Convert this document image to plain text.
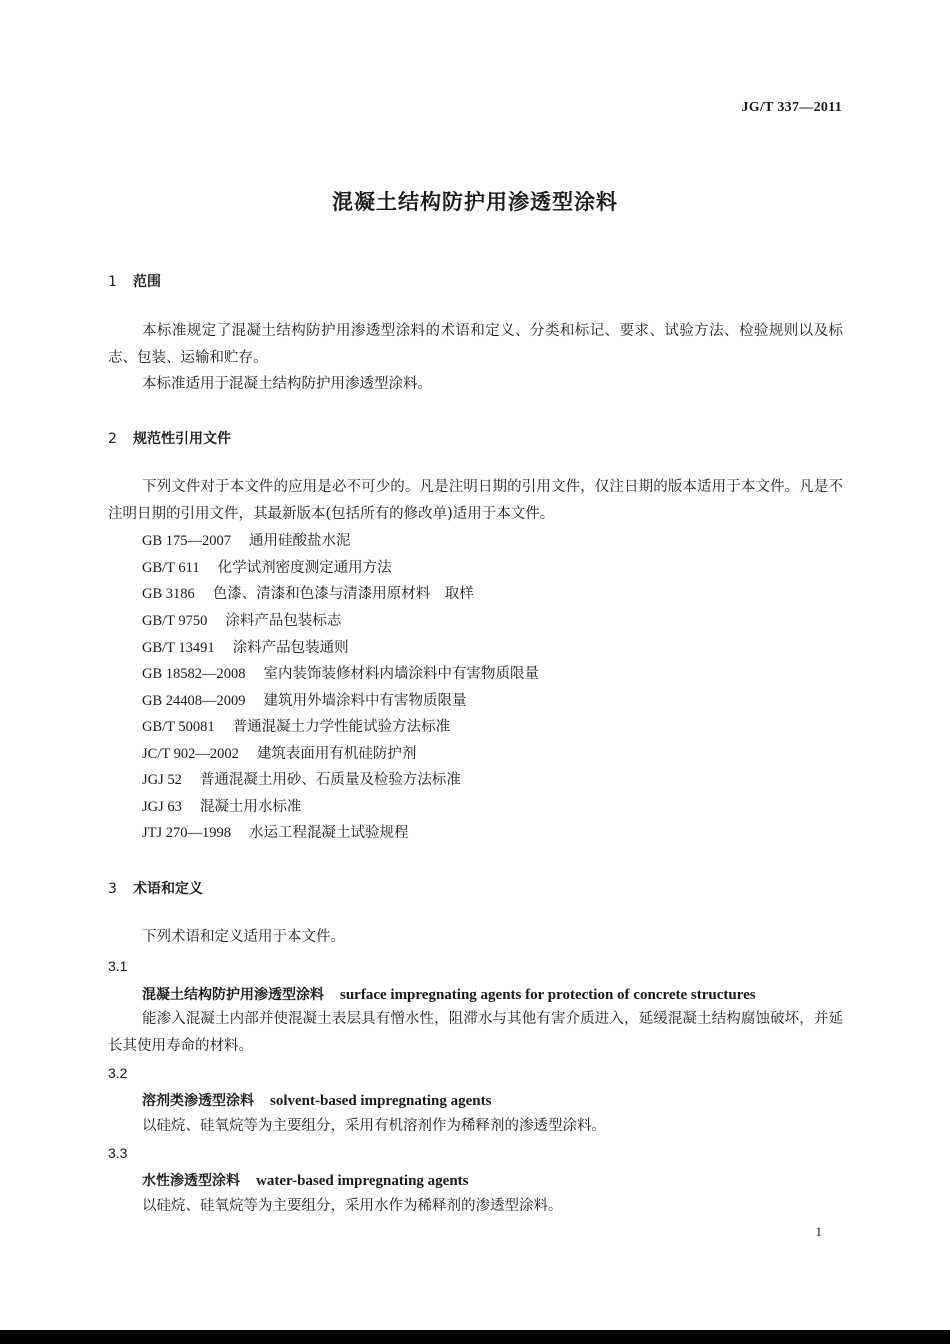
JG/T 337—2011
混凝土结构防护用渗透型涂料
1 范围
本标准规定了混凝土结构防护用渗透型涂料的术语和定义、分类和标记、要求、试验方法、检验规则以及标志、包装、运输和贮存。
本标准适用于混凝土结构防护用渗透型涂料。
2 规范性引用文件
下列文件对于本文件的应用是必不可少的。凡是注明日期的引用文件，仅注日期的版本适用于本文件。凡是不注明日期的引用文件，其最新版本(包括所有的修改单)适用于本文件。
GB 175—2007 通用硅酸盐水泥
GB/T 611 化学试剂密度测定通用方法
GB 3186 色漆、清漆和色漆与清漆用原材料　取样
GB/T 9750 涂料产品包装标志
GB/T 13491 涂料产品包装通则
GB 18582—2008 室内装饰装修材料内墙涂料中有害物质限量
GB 24408—2009 建筑用外墙涂料中有害物质限量
GB/T 50081 普通混凝土力学性能试验方法标准
JC/T 902—2002 建筑表面用有机硅防护剂
JGJ 52 普通混凝土用砂、石质量及检验方法标准
JGJ 63 混凝土用水标准
JTJ 270—1998 水运工程混凝土试验规程
3 术语和定义
下列术语和定义适用于本文件。
3.1
混凝土结构防护用渗透型涂料 surface impregnating agents for protection of concrete structures
能渗入混凝土内部并使混凝土表层具有憎水性，阻滞水与其他有害介质进入，延缓混凝土结构腐蚀破坏，并延长其使用寿命的材料。
3.2
溶剂类渗透型涂料 solvent-based impregnating agents
以硅烷、硅氧烷等为主要组分，采用有机溶剂作为稀释剂的渗透型涂料。
3.3
水性渗透型涂料 water-based impregnating agents
以硅烷、硅氧烷等为主要组分，采用水作为稀释剂的渗透型涂料。
1
